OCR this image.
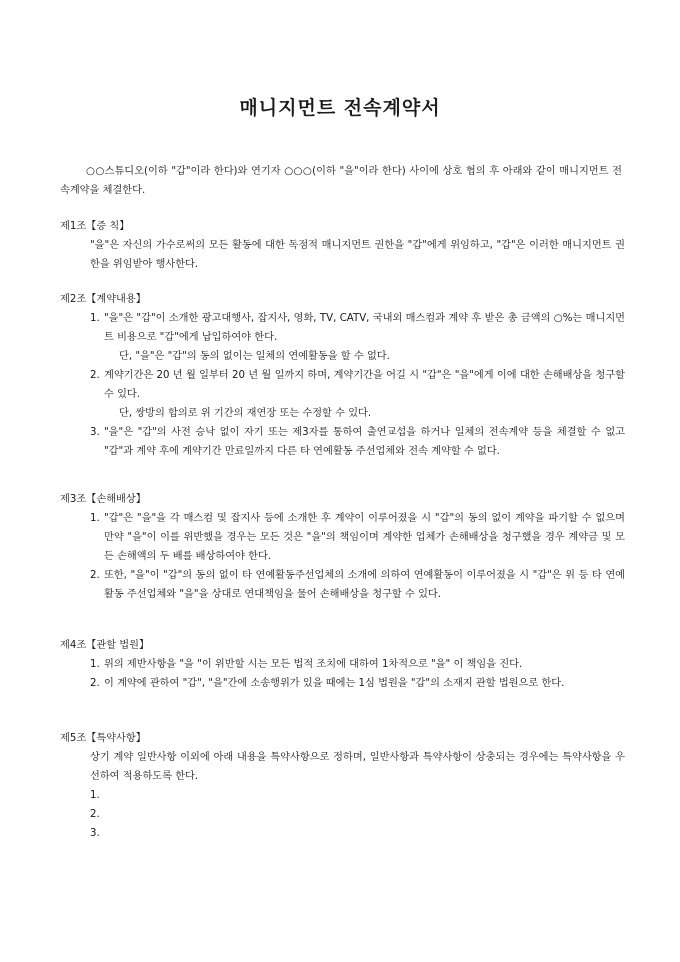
매니지먼트 전속계약서
○○스튜디오(이하 "갑"이라 한다)와 연기자 ○○○(이하 "을"이라 한다) 사이에 상호 협의 후 아래와 같이 매니지먼트 전속계약을 체결한다.
제1조【증 칙】
"을"은 자신의 가수로써의 모든 활동에 대한 독점적 매니지먼트 권한을 "갑"에게 위임하고, "갑"은 이러한 매니지먼트 권한을 위임받아 행사한다.
제2조【계약내용】
1. "을"은 "갑"이 소개한 광고대행사, 잡지사, 영화, TV, CATV, 국내외 매스컴과 계약 후 받은 총 금액의 ○%는 매니지먼트 비용으로 "갑"에게 납입하여야 한다.
단, "을"은 "갑"의 동의 없이는 일체의 연예활동을 할 수 없다.
2. 계약기간은 20 년 월 일부터 20 년 월 일까지 하며, 계약기간을 어길 시 "갑"은 "을"에게 이에 대한 손해배상을 청구할 수 있다.
단, 쌍방의 합의로 위 기간의 재연장 또는 수정할 수 있다.
3. "을"은 "갑"의 사전 승낙 없이 자기 또는 제3자를 통하여 출연교섭을 하거나 일체의 전속계약 등을 체결할 수 없고 "갑"과 계약 후에 계약기간 만료일까지 다른 타 연예활동 주선업체와 전속 계약할 수 없다.
제3조【손해배상】
1. "갑"은 "을"을 각 매스컴 및 잡지사 등에 소개한 후 계약이 이루어졌을 시 "갑"의 동의 없이 계약을 파기할 수 없으며 만약 "을"이 이를 위반했을 경우는 모든 것은 "을"의 책임이며 계약한 업체가 손해배상을 청구했을 경우 계약금 및 모든 손해액의 두 배를 배상하여야 한다.
2. 또한, "을"이 "갑"의 동의 없이 타 연예활동주선업체의 소개에 의하여 연예활동이 이루어졌을 시 "갑"은 위 등 타 연예활동 주선업체와 "을"을 상대로 연대책임을 물어 손해배상을 청구할 수 있다.
제4조【관할 법원】
1. 위의 제반사항을 "을 "이 위반할 시는 모든 법적 조치에 대하여 1차적으로 "을" 이 책임을 진다.
2. 이 계약에 관하여 "갑", "을"간에 소송행위가 있을 때에는 1심 법원을 "갑"의 소재지 관할 법원으로 한다.
제5조【특약사항】
상기 계약 일반사항 이외에 아래 내용을 특약사항으로 정하며, 일반사항과 특약사항이 상충되는 경우에는 특약사항을 우선하여 적용하도록 한다.
1.
2.
3.
